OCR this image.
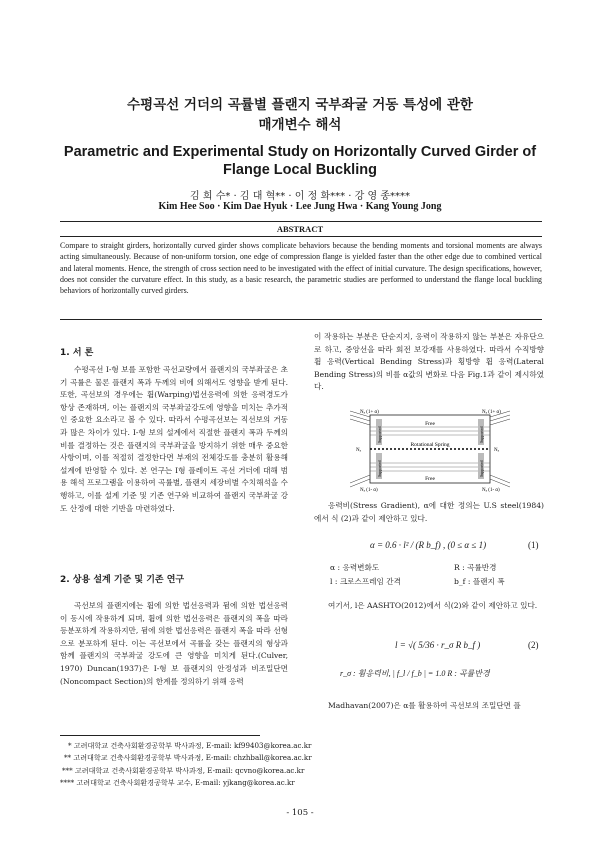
수평곡선 거더의 곡률별 플랜지 국부좌굴 거동 특성에 관한
매개변수 해석
Parametric and Experimental Study on Horizontally Curved Girder of
Flange Local Buckling
김 희 수* · 김 대 혁** · 이 정 화*** · 강 영 종****
Kim Hee Soo · Kim Dae Hyuk · Lee Jung Hwa · Kang Young Jong
ABSTRACT
Compare to straight girders, horizontally curved girder shows complicate behaviors because the bending moments and torsional moments are always acting simultaneously. Because of non-uniform torsion, one edge of compression flange is yielded faster than the other edge due to combined vertical and lateral moments. Hence, the strength of cross section need to be investigated with the effect of initial curvature. The design specifications, however, does not consider the curvature effect. In this study, as a basic research, the parametric studies are performed to understand the flange local buckling behaviors of horizontally curved girders.
1. 서 론

수평곡선 I-형 보를 포함한 곡선교량에서 플랜지의 국부좌굴은 초기 곡률은 물론 플랜지 폭과 두께의 비에 의해서도 영향을 받게 된다. 또한, 곡선보의 경우에는 휨(Warping)법선응력에 의한 응력경도가 항상 존재하며, 이는 플랜지의 국부좌굴강도에 영향을 미치는 추가적인 중요한 요소라고 볼 수 있다. 따라서 수평곡선보는 직선보의 거동과 많은 차이가 있다. I-형 보의 설계에서 직절한 플랜지 폭과 두께의 비를 결정하는 것은 플랜지의 국부좌굴을 방지하기 위한 매우 중요한 사항이며, 이를 적절히 결정한다면 부재의 전체강도를 충분히 활용해 설계에 반영할 수 있다. 본 연구는 I형 플레이트 곡선 거더에 대해 범용 해석 프로그램을 이용하여 곡률별, 플랜지 세장비별 수치해석을 수행하고, 이를 설계 기준 및 기존 연구와 비교하여 플랜지 국부좌굴 강도 산정에 대한 기반을 마련하였다.

2. 상용 설계 기준 및 기존 연구

곡선보의 플랜지에는 휨에 의한 법선응력과 뒴에 의한 법선응력이 동시에 작용하게 되며, 휨에 의한 법선응력은 플랜지의 폭을 따라 등분포하게 작용하지만, 뒴에 의한 법선응력은 플랜지 폭을 따라 선형으로 분포하게 된다. 이는 곡선보에서 곡률을 갖는 플랜지의 형상과 함께 플랜지의 국부좌굴 강도에 큰 영향을 미치게 된다.(Culver, 1970) Duncan(1937)은 I-형 보 플랜지의 안정성과 비조밀단면(Noncompact Section)의 한계를 정의하기 위해 응력

이 작용하는 부분은 단순지지, 응력이 작용하지 않는 부분은 자유단으로 하고, 중앙선을 따라 회전 보강재를 사용하였다. 따라서 수직방향 휨 응력(Vertical Bending Stress)과 횡방향 휨 응력(Lateral Bending Stress)의 비를 α값의 변화로 다음 Fig.1과 같이 제시하였다.

Nₓ (1+ α)	Nₓ (1+ α)
Nₓ (1- α)	Nₓ (1- α)
Nₓ	Nₓ
Free
Rotational Spring
Free
Supported	Supported
Supported	Supported

응력비(Stress Gradient), α에 대한 정의는 U.S steel(1984)에서 식 (2)과 같이 제안하고 있다.

α = 0.6 · l² / (R b_f) , (0 ≤ α ≤ 1)	(1)
α : 응력변화도	R : 곡률반경
l : 크로스프레임 간격	b_f : 플랜지 폭

여기서, l은 AASHTO(2012)에서 식(2)와 같이 제안하고 있다.

l = √( 5/36 · r_σ R b_f )	(2)
r_σ : 휨응력비, | f_l / f_b | = 1.0 R : 곡률반경

Madhavan(2007)은 α를 활용하여 곡선보의 조밀단면 플

* 고려대학교 건축사회환경공학부 박사과정, E-mail: kf99403@korea.ac.kr
** 고려대학교 건축사회환경공학부 박사과정, E-mail: chzhball@korea.ac.kr
*** 고려대학교 건축사회환경공학부 박사과정, E-mail: qcvno@korea.ac.kr
**** 고려대학교 건축사회환경공학부 교수, E-mail: yjkang@korea.ac.kr
- 105 -
